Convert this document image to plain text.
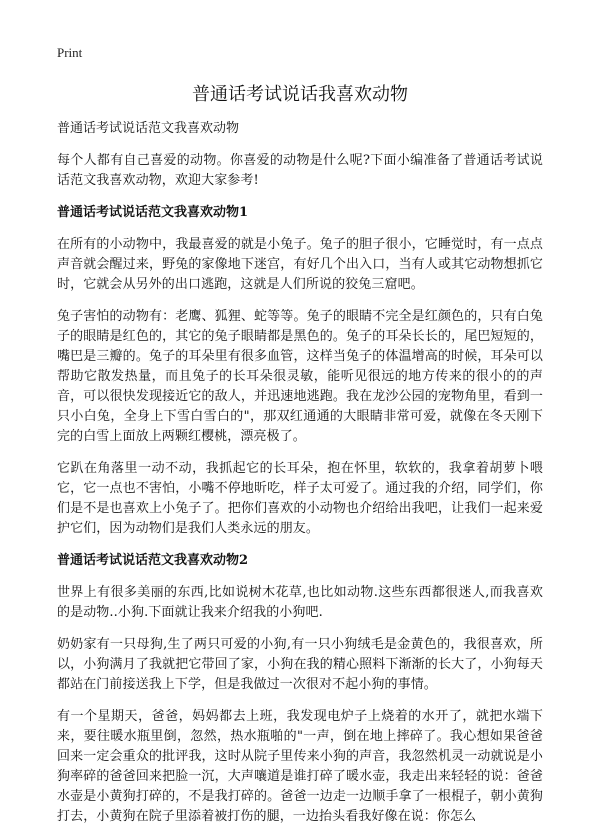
Print
普通话考试说话我喜欢动物

普通话考试说话范文我喜欢动物

每个人都有自己喜爱的动物。你喜爱的动物是什么呢?下面小编准备了普通话考试说话范文我喜欢动物，欢迎大家参考!

普通话考试说话范文我喜欢动物1

在所有的小动物中，我最喜爱的就是小兔子。兔子的胆子很小，它睡觉时，有一点点声音就会醒过来，野兔的家像地下迷宫，有好几个出入口，当有人或其它动物想抓它时，它就会从另外的出口逃跑，这就是人们所说的狡兔三窟吧。

兔子害怕的动物有：老鹰、狐狸、蛇等等。兔子的眼睛不完全是红颜色的，只有白兔子的眼睛是红色的，其它的兔子眼睛都是黑色的。兔子的耳朵长长的，尾巴短短的，嘴巴是三瓣的。兔子的耳朵里有很多血管，这样当兔子的体温增高的时候，耳朵可以帮助它散发热量，而且兔子的长耳朵很灵敏，能听见很远的地方传来的很小的的声音，可以很快发现接近它的敌人，并迅速地逃跑。我在龙沙公园的宠物角里，看到一只小白兔，全身上下雪白雪白的"，那双红通通的大眼睛非常可爱，就像在冬天刚下完的白雪上面放上两颗红樱桃，漂亮极了。

它趴在角落里一动不动，我抓起它的长耳朵，抱在怀里，软软的，我拿着胡萝卜喂它，它一点也不害怕，小嘴不停地昕吃，样子太可爱了。通过我的介绍，同学们，你们是不是也喜欢上小兔子了。把你们喜欢的小动物也介绍给出我吧，让我们一起来爱护它们，因为动物们是我们人类永远的朋友。

普通话考试说话范文我喜欢动物2

世界上有很多美丽的东西,比如说树木花草,也比如动物.这些东西都很迷人,而我喜欢的是动物..小狗.下面就让我来介绍我的小狗吧.

奶奶家有一只母狗,生了两只可爱的小狗,有一只小狗绒毛是金黄色的，我很喜欢，所以，小狗满月了我就把它带回了家，小狗在我的精心照料下渐渐的长大了，小狗每天都站在门前接送我上下学，但是我做过一次很对不起小狗的事情。

有一个星期天，爸爸，妈妈都去上班，我发现电炉子上烧着的水开了，就把水端下来，要往暖水瓶里倒，忽然，热水瓶啪的"一声，倒在地上摔碎了。我心想如果爸爸回来一定会重众的批评我，这时从院子里传来小狗的声音，我忽然机灵一动就说是小狗率碎的爸爸回来把脸一沉，大声嚷道是谁打碎了暖水壶，我走出来轻轻的说：爸爸水壶是小黄狗打碎的，不是我打碎的。爸爸一边走一边顺手拿了一根棍子，朝小黄狗打去，小黄狗在院子里添着被打伤的腿，一边抬头看我好像在说：你怎么
